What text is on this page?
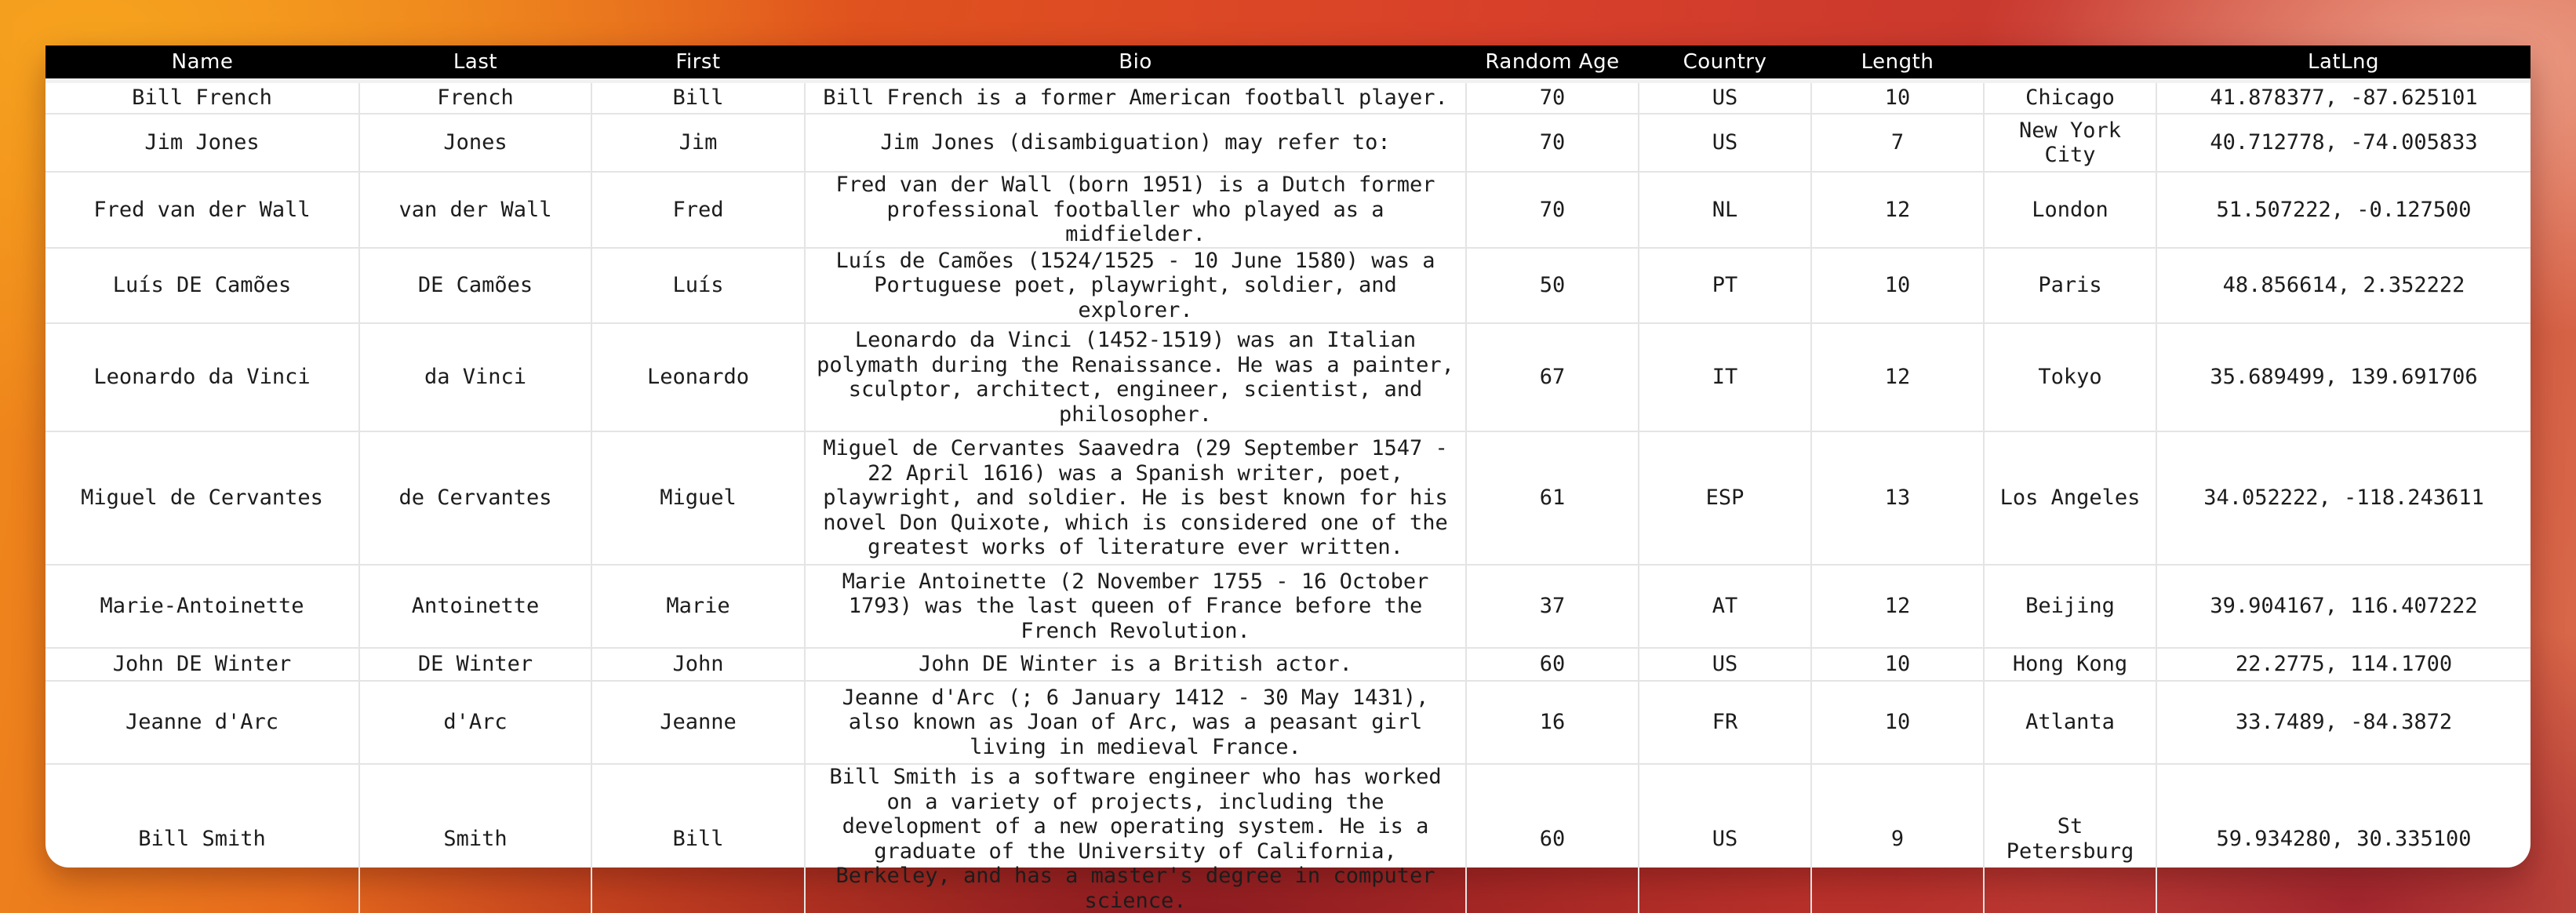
Name	Last	First	Bio	Random Age	Country	Length		LatLng
Bill French	French	Bill	Bill French is a former American football player.	70	US	10	Chicago	41.878377, -87.625101
Jim Jones	Jones	Jim	Jim Jones (disambiguation) may refer to:	70	US	7	New York City	40.712778, -74.005833
Fred van der Wall	van der Wall	Fred	Fred van der Wall (born 1951) is a Dutch former professional footballer who played as a midfielder.	70	NL	12	London	51.507222, -0.127500
Luís DE Camões	DE Camões	Luís	Luís de Camões (1524/1525 - 10 June 1580) was a Portuguese poet, playwright, soldier, and explorer.	50	PT	10	Paris	48.856614, 2.352222
Leonardo da Vinci	da Vinci	Leonardo	Leonardo da Vinci (1452-1519) was an Italian polymath during the Renaissance. He was a painter, sculptor, architect, engineer, scientist, and philosopher.	67	IT	12	Tokyo	35.689499, 139.691706
Miguel de Cervantes	de Cervantes	Miguel	Miguel de Cervantes Saavedra (29 September 1547 - 22 April 1616) was a Spanish writer, poet, playwright, and soldier. He is best known for his novel Don Quixote, which is considered one of the greatest works of literature ever written.	61	ESP	13	Los Angeles	34.052222, -118.243611
Marie-Antoinette	Antoinette	Marie	Marie Antoinette (2 November 1755 - 16 October 1793) was the last queen of France before the French Revolution.	37	AT	12	Beijing	39.904167, 116.407222
John DE Winter	DE Winter	John	John DE Winter is a British actor.	60	US	10	Hong Kong	22.2775, 114.1700
Jeanne d'Arc	d'Arc	Jeanne	Jeanne d'Arc (; 6 January 1412 - 30 May 1431), also known as Joan of Arc, was a peasant girl living in medieval France.	16	FR	10	Atlanta	33.7489, -84.3872
Bill Smith	Smith	Bill	Bill Smith is a software engineer who has worked on a variety of projects, including the development of a new operating system. He is a graduate of the University of California, Berkeley, and has a master's degree in computer science.	60	US	9	St Petersburg	59.934280, 30.335100
